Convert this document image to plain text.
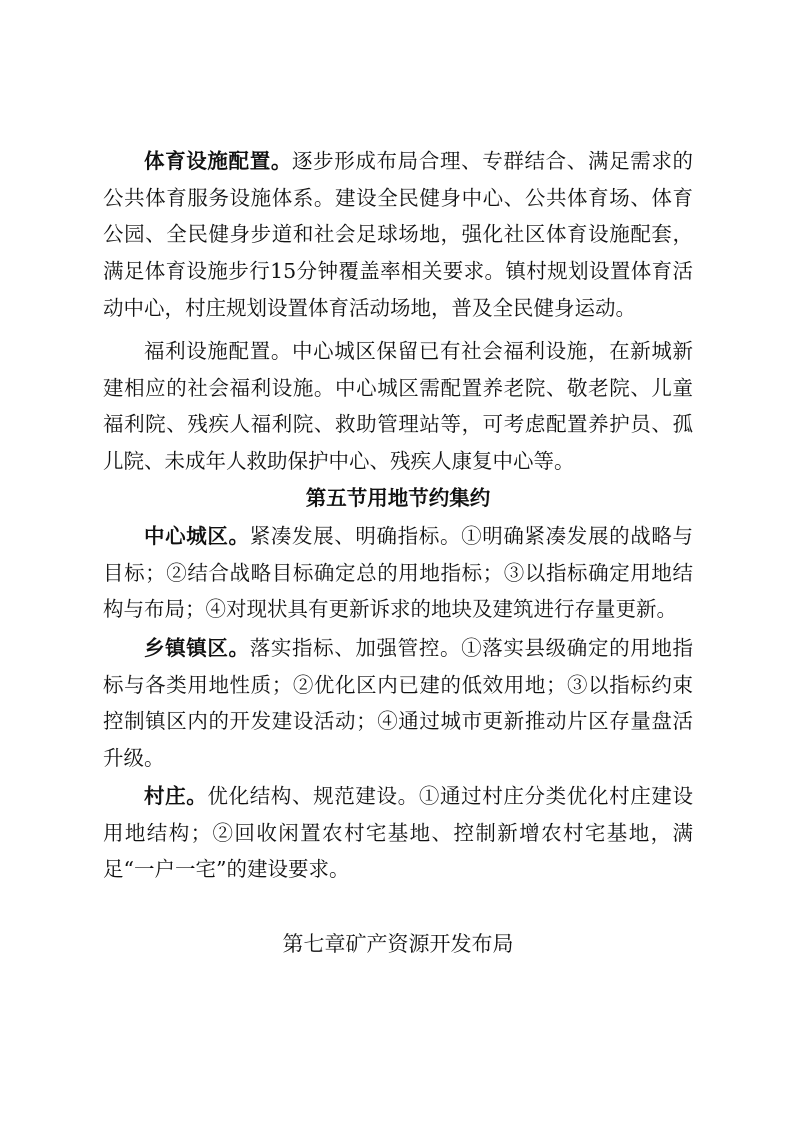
体育设施配置。逐步形成布局合理、专群结合、满足需求的公共体育服务设施体系。建设全民健身中心、公共体育场、体育公园、全民健身步道和社会足球场地，强化社区体育设施配套，满足体育设施步行15分钟覆盖率相关要求。镇村规划设置体育活动中心，村庄规划设置体育活动场地，普及全民健身运动。

福利设施配置。中心城区保留已有社会福利设施，在新城新建相应的社会福利设施。中心城区需配置养老院、敬老院、儿童福利院、残疾人福利院、救助管理站等，可考虑配置养护员、孤儿院、未成年人救助保护中心、残疾人康复中心等。

第五节用地节约集约

中心城区。紧凑发展、明确指标。①明确紧凑发展的战略与目标；②结合战略目标确定总的用地指标；③以指标确定用地结构与布局；④对现状具有更新诉求的地块及建筑进行存量更新。

乡镇镇区。落实指标、加强管控。①落实县级确定的用地指标与各类用地性质；②优化区内已建的低效用地；③以指标约束控制镇区内的开发建设活动；④通过城市更新推动片区存量盘活升级。

村庄。优化结构、规范建设。①通过村庄分类优化村庄建设用地结构；②回收闲置农村宅基地、控制新增农村宅基地，满足“一户一宅”的建设要求。

第七章矿产资源开发布局
